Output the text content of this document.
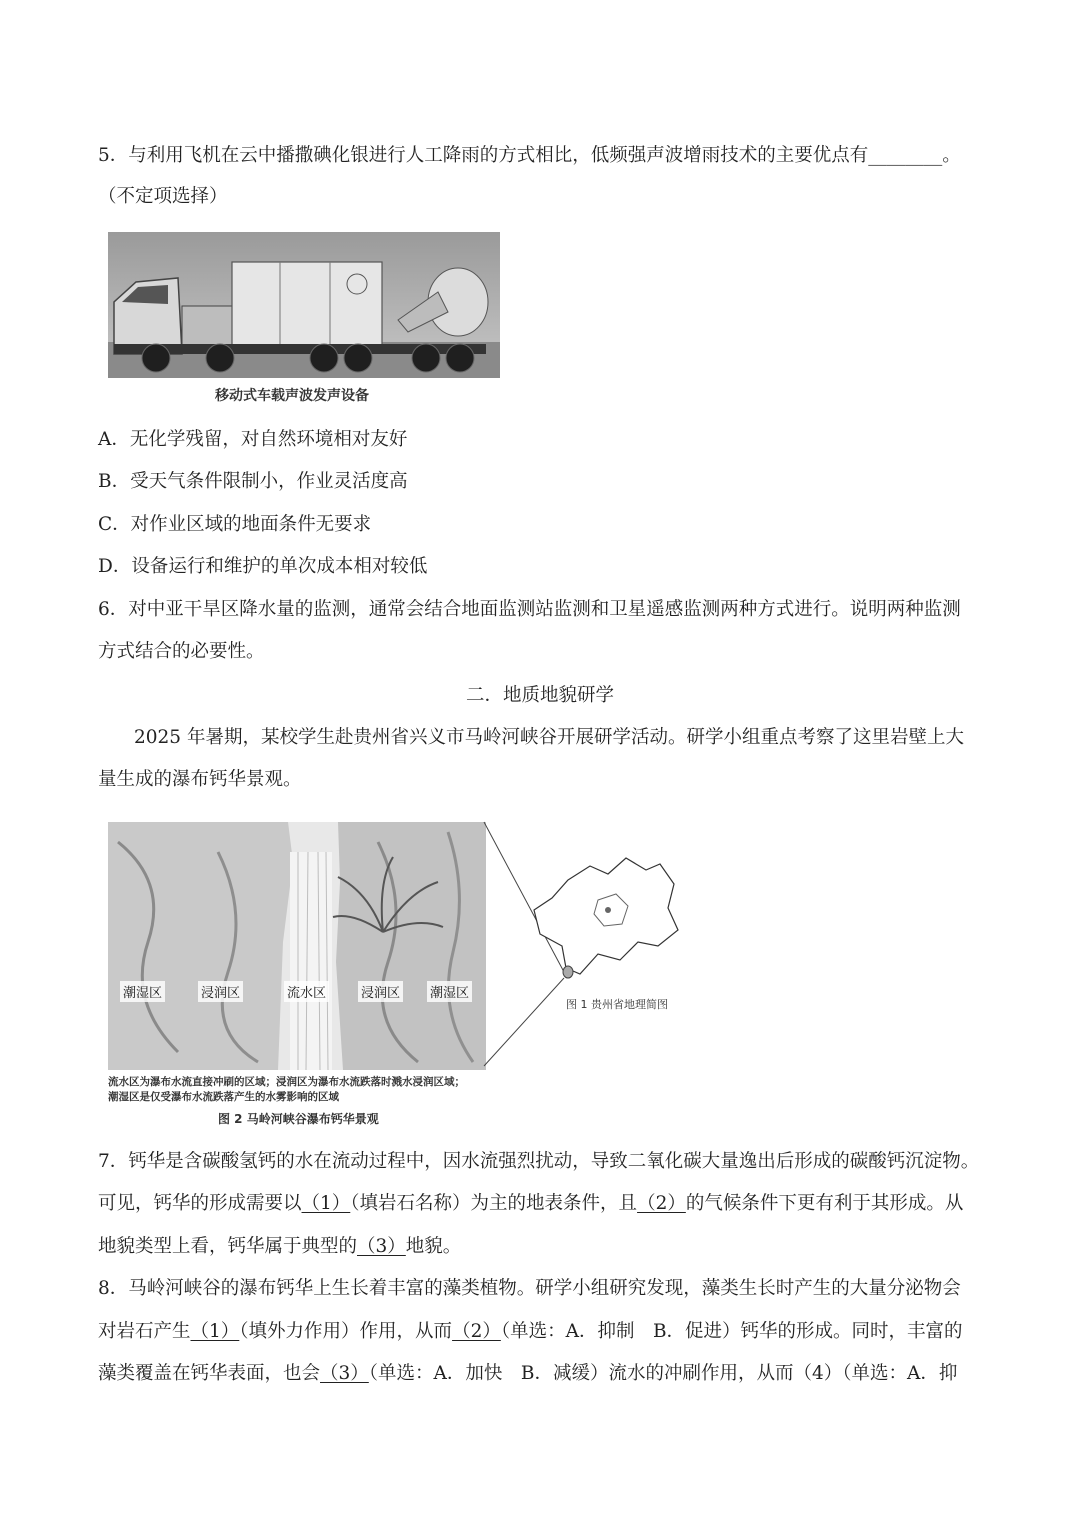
5．与利用飞机在云中播撒碘化银进行人工降雨的方式相比，低频强声波增雨技术的主要优点有________。
（不定项选择）
移动式车载声波发声设备
A．无化学残留，对自然环境相对友好
B．受天气条件限制小，作业灵活度高
C．对作业区域的地面条件无要求
D．设备运行和维护的单次成本相对较低
6．对中亚干旱区降水量的监测，通常会结合地面监测站监测和卫星遥感监测两种方式进行。说明两种监测
方式结合的必要性。
二．地质地貌研学
2025 年暑期，某校学生赴贵州省兴义市马岭河峡谷开展研学活动。研学小组重点考察了这里岩壁上大
量生成的瀑布钙华景观。
潮湿区	浸润区	流水区	浸润区 潮湿区
图 1 贵州省地理简图
流水区为瀑布水流直接冲刷的区域；浸润区为瀑布水流跌落时溅水浸润区域；
潮湿区是仅受瀑布水流跌落产生的水雾影响的区域
图 2 马岭河峡谷瀑布钙华景观
7．钙华是含碳酸氢钙的水在流动过程中，因水流强烈扰动，导致二氧化碳大量逸出后形成的碳酸钙沉淀物。
可见，钙华的形成需要以（1）（填岩石名称）为主的地表条件，且（2）的气候条件下更有利于其形成。从
地貌类型上看，钙华属于典型的（3）地貌。
8．马岭河峡谷的瀑布钙华上生长着丰富的藻类植物。研学小组研究发现，藻类生长时产生的大量分泌物会
对岩石产生（1）（填外力作用）作用，从而（2）（单选：A．抑制　B．促进）钙华的形成。同时，丰富的
藻类覆盖在钙华表面，也会（3）（单选：A．加快　B．减缓）流水的冲刷作用，从而（4）（单选：A．抑
